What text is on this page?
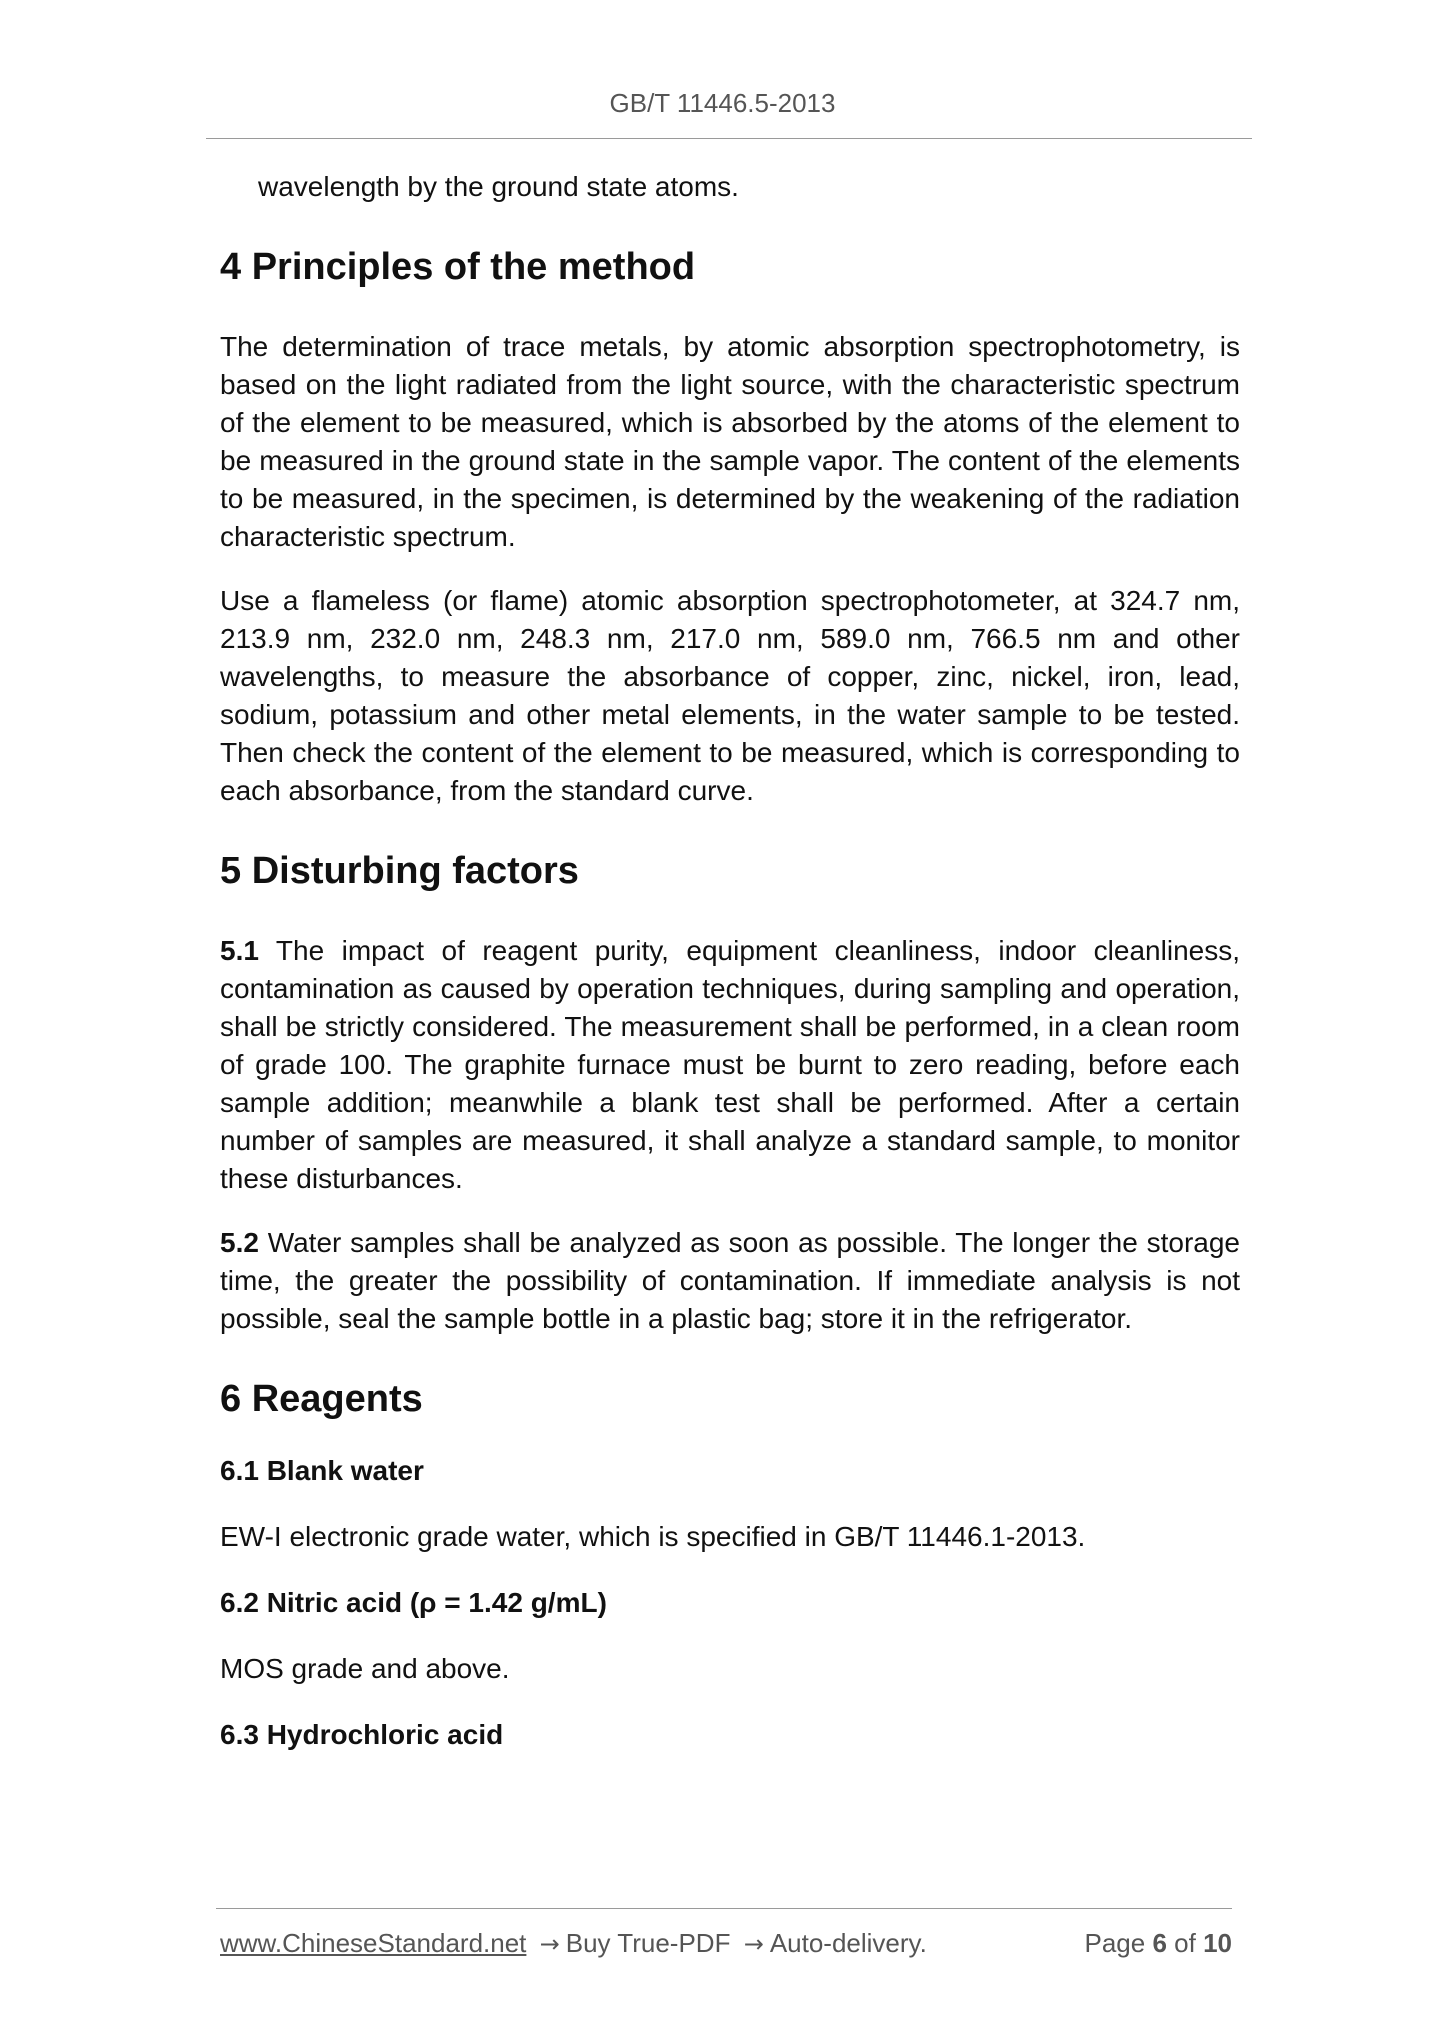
GB/T 11446.5-2013

wavelength by the ground state atoms.

4 Principles of the method

The determination of trace metals, by atomic absorption spectrophotometry, is based on the light radiated from the light source, with the characteristic spectrum of the element to be measured, which is absorbed by the atoms of the element to be measured in the ground state in the sample vapor. The content of the elements to be measured, in the specimen, is determined by the weakening of the radiation characteristic spectrum.

Use a flameless (or flame) atomic absorption spectrophotometer, at 324.7 nm, 213.9 nm, 232.0 nm, 248.3 nm, 217.0 nm, 589.0 nm, 766.5 nm and other wavelengths, to measure the absorbance of copper, zinc, nickel, iron, lead, sodium, potassium and other metal elements, in the water sample to be tested. Then check the content of the element to be measured, which is corresponding to each absorbance, from the standard curve.

5 Disturbing factors

5.1 The impact of reagent purity, equipment cleanliness, indoor cleanliness, contamination as caused by operation techniques, during sampling and operation, shall be strictly considered. The measurement shall be performed, in a clean room of grade 100. The graphite furnace must be burnt to zero reading, before each sample addition; meanwhile a blank test shall be performed. After a certain number of samples are measured, it shall analyze a standard sample, to monitor these disturbances.

5.2 Water samples shall be analyzed as soon as possible. The longer the storage time, the greater the possibility of contamination. If immediate analysis is not possible, seal the sample bottle in a plastic bag; store it in the refrigerator.

6 Reagents
6.1 Blank water

EW-I electronic grade water, which is specified in GB/T 11446.1-2013.

6.2 Nitric acid (ρ = 1.42 g/mL)

MOS grade and above.

6.3 Hydrochloric acid
www.ChineseStandard.net → Buy True-PDF → Auto-delivery.	Page 6 of 10
